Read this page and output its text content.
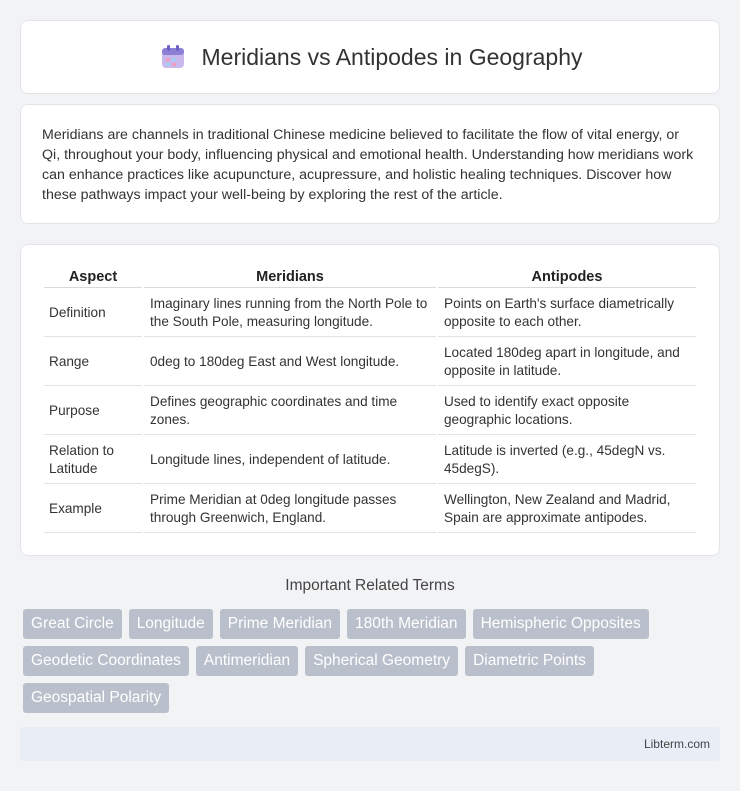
Meridians vs Antipodes in Geography

Meridians are channels in traditional Chinese medicine believed to facilitate the flow of vital energy, or Qi, throughout your body, influencing physical and emotional health. Understanding how meridians work can enhance practices like acupuncture, acupressure, and holistic healing techniques. Discover how these pathways impact your well-being by exploring the rest of the article.

Aspect	Meridians	Antipodes
Definition	Imaginary lines running from the North Pole to the South Pole, measuring longitude.	Points on Earth's surface diametrically opposite to each other.
Range	0deg to 180deg East and West longitude.	Located 180deg apart in longitude, and opposite in latitude.
Purpose	Defines geographic coordinates and time zones.	Used to identify exact opposite geographic locations.
Relation to Latitude	Longitude lines, independent of latitude.	Latitude is inverted (e.g., 45degN vs. 45degS).
Example	Prime Meridian at 0deg longitude passes through Greenwich, England.	Wellington, New Zealand and Madrid, Spain are approximate antipodes.
Important Related Terms
Great Circle	Longitude	Prime Meridian	180th Meridian	Hemispheric Opposites
Geodetic Coordinates	Antimeridian	Spherical Geometry	Diametric Points
Geospatial Polarity
Libterm.com
